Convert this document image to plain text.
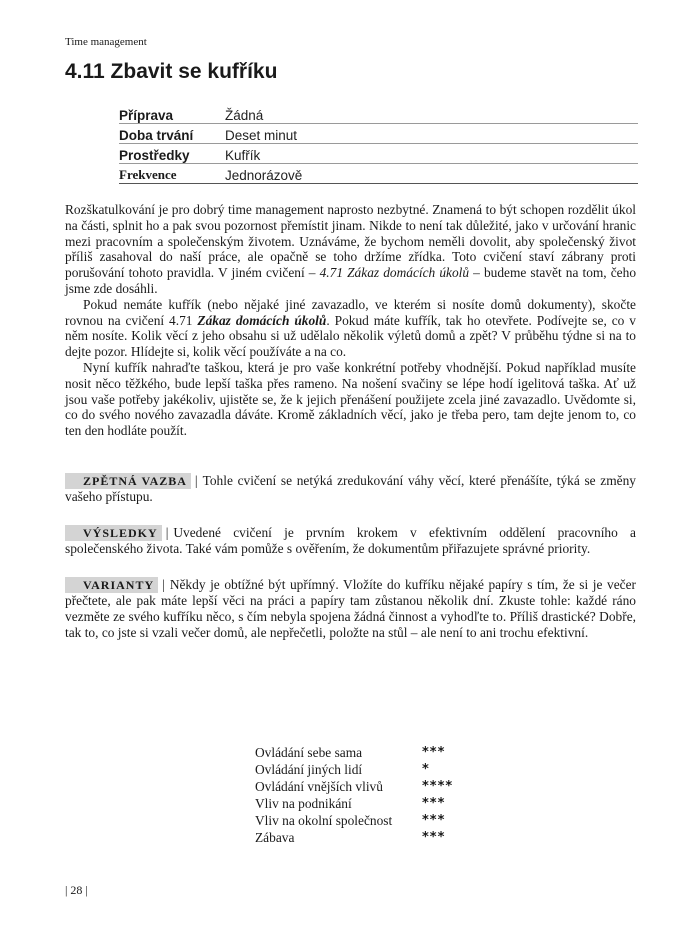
Time management
4.11 Zbavit se kufříku
Příprava	Žádná
Doba trvání	Deset minut
Prostředky	Kufřík
Frekvence	Jednorázově

Rozškatulkování je pro dobrý time management naprosto nezbytné. Znamená to být schopen rozdělit úkol na části, splnit ho a pak svou pozornost přemístit jinam. Nikde to není tak důležité, jako v určování hranic mezi pracovním a společenským životem. Uznáváme, že bychom neměli dovolit, aby společenský život příliš zasahoval do naší práce, ale opačně se toho držíme zřídka. Toto cvičení staví zábrany proti porušování tohoto pravidla. V jiném cvičení – 4.71 Zákaz domácích úkolů – budeme stavět na tom, čeho jsme zde dosáhli.

Pokud nemáte kufřík (nebo nějaké jiné zavazadlo, ve kterém si nosíte domů dokumenty), skočte rovnou na cvičení 4.71 Zákaz domácích úkolů. Pokud máte kufřík, tak ho otevřete. Podívejte se, co v něm nosíte. Kolik věcí z jeho obsahu si už udělalo několik výletů domů a zpět? V průběhu týdne si na to dejte pozor. Hlídejte si, kolik věcí používáte a na co.

Nyní kufřík nahraďte taškou, která je pro vaše konkrétní potřeby vhodnější. Pokud například musíte nosit něco těžkého, bude lepší taška přes rameno. Na nošení svačiny se lépe hodí igelitová taška. Ať už jsou vaše potřeby jakékoliv, ujistěte se, že k jejich přenášení použijete zcela jiné zavazadlo. Uvědomte si, co do svého nového zavazadla dáváte. Kromě základních věcí, jako je třeba pero, tam dejte jenom to, co ten den hodláte použít.

ZPĚTNÁ VAZBA | Tohle cvičení se netýká zredukování váhy věcí, které přenášíte, týká se změny vašeho přístupu.
VÝSLEDKY | Uvedené cvičení je prvním krokem v efektivním oddělení pracovního a společenského života. Také vám pomůže s ověřením, že dokumentům přiřazujete správné priority.
VARIANTY | Někdy je obtížné být upřímný. Vložíte do kufříku nějaké papíry s tím, že si je večer přečtete, ale pak máte lepší věci na práci a papíry tam zůstanou několik dní. Zkuste tohle: každé ráno vezměte ze svého kufříku něco, s čím nebyla spojena žádná činnost a vyhodľte to. Příliš drastické? Dobře, tak to, co jste si vzali večer domů, ale nepřečetli, položte na stůl – ale není to ani trochu efektivní.
Ovládání sebe sama	***
Ovládání jiných lidí	*
Ovládání vnějších vlivů	****
Vliv na podnikání	***
Vliv na okolní společnost	***
Zábava	***
| 28 |
